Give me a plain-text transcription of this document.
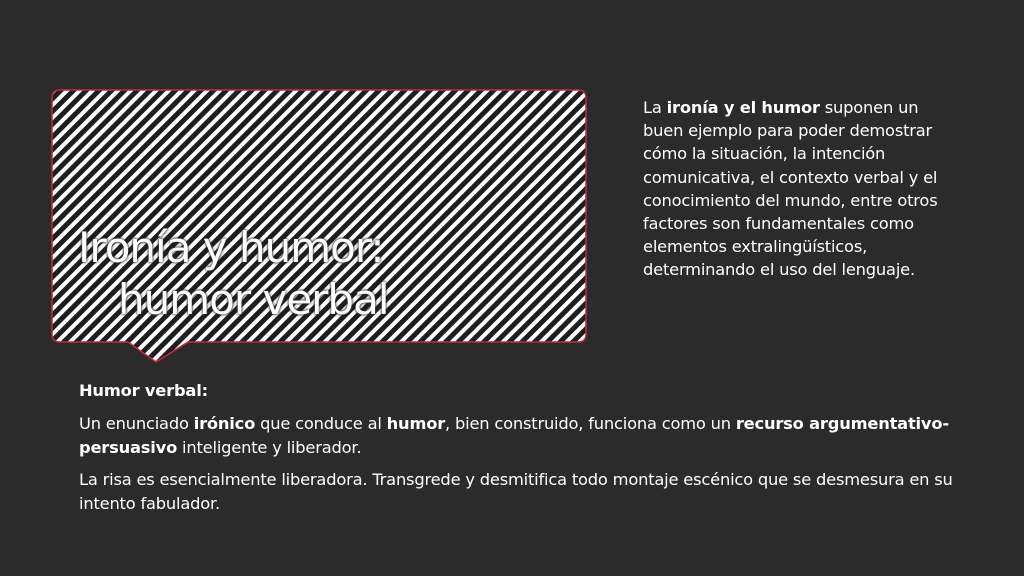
Ironía y humor:
humor verbal

La ironía y el humor suponen un buen ejemplo para poder demostrar cómo la situación, la intención comunicativa, el contexto verbal y el conocimiento del mundo, entre otros factores son fundamentales como elementos extralingüísticos, determinando el uso del lenguaje.

Humor verbal:

Un enunciado irónico que conduce al humor, bien construido, funciona como un recurso argumentativo-persuasivo inteligente y liberador.

La risa es esencialmente liberadora. Transgrede y desmitifica todo montaje escénico que se desmesura en su intento fabulador.
